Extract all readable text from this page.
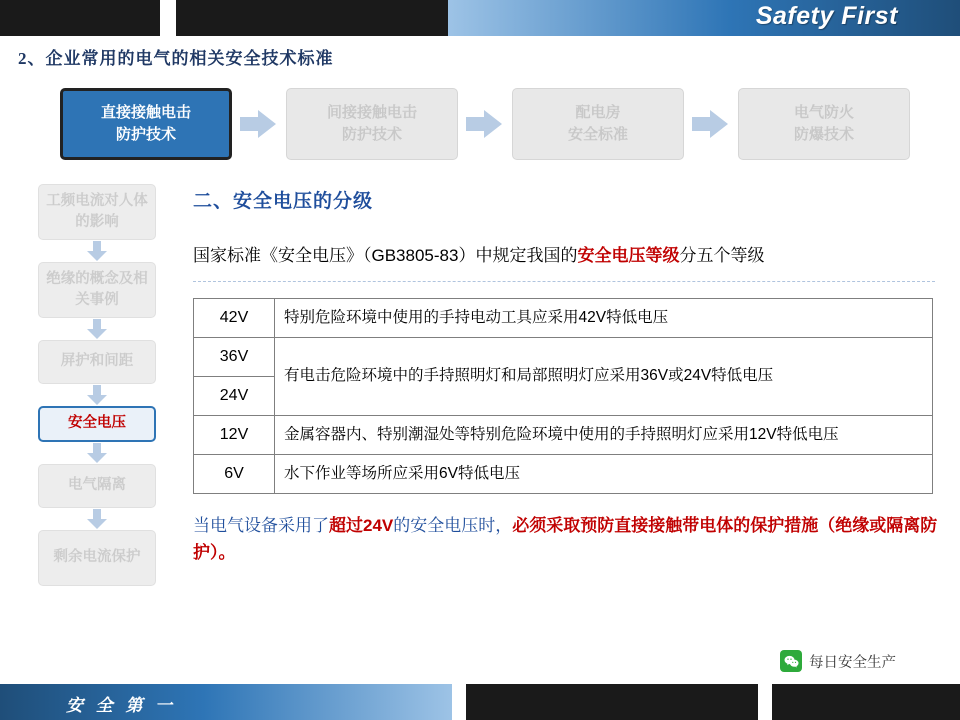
Safety First
2、企业常用的电气的相关安全技术标准
直接接触电击
防护技术
间接接触电击
防护技术
配电房
安全标准
电气防火
防爆技术
工频电流对人体的影响
绝缘的概念及相关事例
屏护和间距
安全电压
电气隔离
剩余电流保护
二、安全电压的分级

国家标准《安全电压》（GB3805-83）中规定我国的安全电压等级分五个等级

42V	特别危险环境中使用的手持电动工具应采用42V特低电压
36V	有电击危险环境中的手持照明灯和局部照明灯应采用36V或24V特低电压
24V	
12V	金属容器内、特别潮湿处等特别危险环境中使用的手持照明灯应采用12V特低电压
6V	水下作业等场所应采用6V特低电压

当电气设备采用了超过24V的安全电压时，必须采取预防直接接触带电体的保护措施（绝缘或隔离防护）。

每日安全生产
安 全 第 一
